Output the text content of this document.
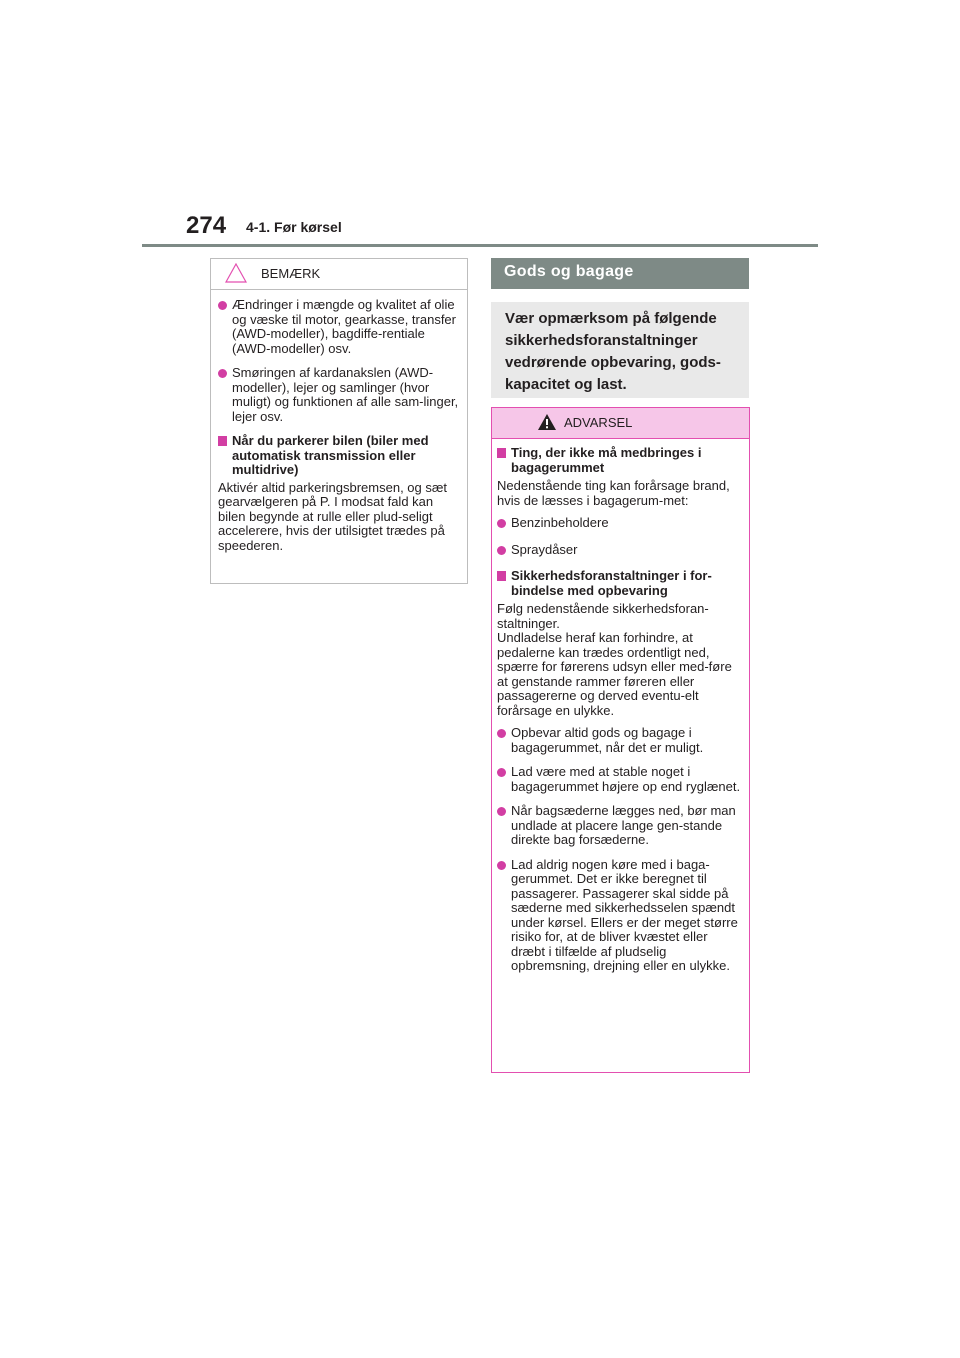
274 4-1. Før kørsel
BEMÆRK
Ændringer i mængde og kvalitet af olie og væske til motor, gearkasse, transfer (AWD-modeller), bagdiffe-rentiale (AWD-modeller) osv.
Smøringen af kardanakslen (AWD-modeller), lejer og samlinger (hvor muligt) og funktionen af alle sam-linger, lejer osv.
Når du parkerer bilen (biler med automatisk transmission eller multidrive)
Aktivér altid parkeringsbremsen, og sæt gearvælgeren på P. I modsat fald kan bilen begynde at rulle eller plud-seligt accelerere, hvis der utilsigtet trædes på speederen.
Gods og bagage
Vær opmærksom på følgende sikkerhedsforanstaltninger vedrørende opbevaring, gods-kapacitet og last.
ADVARSEL
Ting, der ikke må medbringes i bagagerummet
Nedenstående ting kan forårsage brand, hvis de læsses i bagagerum-met:
Benzinbeholdere
Spraydåser
Sikkerhedsforanstaltninger i for-bindelse med opbevaring
Følg nedenstående sikkerhedsforan-staltninger.
Undladelse heraf kan forhindre, at pedalerne kan trædes ordentligt ned, spærre for førerens udsyn eller med-føre at genstande rammer føreren eller passagererne og derved eventu-elt forårsage en ulykke.
Opbevar altid gods og bagage i bagagerummet, når det er muligt.
Lad være med at stable noget i bagagerummet højere op end ryglænet.
Når bagsæderne lægges ned, bør man undlade at placere lange gen-stande direkte bag forsæderne.
Lad aldrig nogen køre med i baga-gerummet. Det er ikke beregnet til passagerer. Passagerer skal sidde på sæderne med sikkerhedsselen spændt under kørsel. Ellers er der meget større risiko for, at de bliver kvæstet eller dræbt i tilfælde af pludselig opbremsning, drejning eller en ulykke.
